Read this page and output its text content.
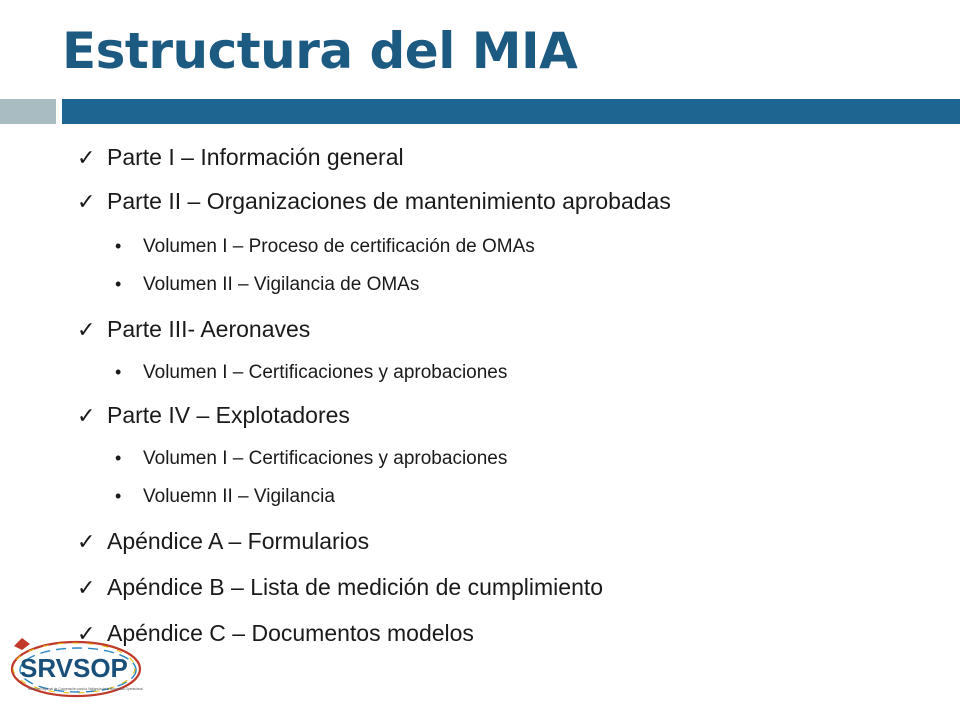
Estructura del MIA
✓ Parte I – Información general
✓ Parte II – Organizaciones de mantenimiento aprobadas
• Volumen I – Proceso de certificación de OMAs
• Volumen II – Vigilancia de OMAs
✓ Parte III- Aeronaves
• Volumen I – Certificaciones y aprobaciones
✓ Parte IV – Explotadores
• Volumen I – Certificaciones y aprobaciones
• Voluemn II – Vigilancia
✓ Apéndice A – Formularios
✓ Apéndice B – Lista de medición de cumplimiento
✓ Apéndice C – Documentos modelos
SRVSOP
Sistema Regional de Cooperación para la Vigilancia de la Seguridad Operacional
